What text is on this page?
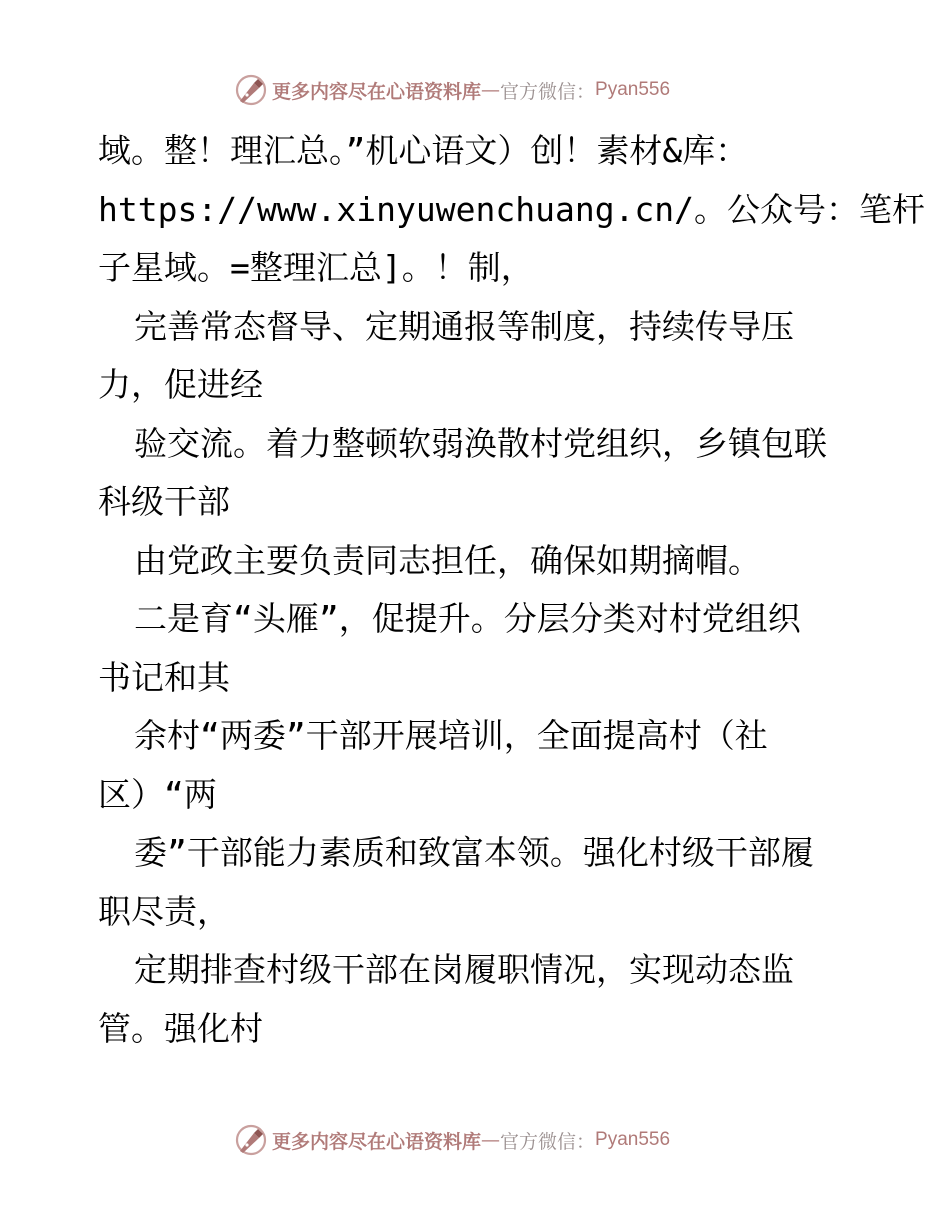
更多内容尽在心语资料库 — 官方微信： Pyan556
域。整！理汇总。”机心语文）创！素材&库：
https://www.xinyuwenchuang.cn/。公众号：笔杆
子星域。=整理汇总]。！制，
完善常态督导、定期通报等制度，持续传导压
力，促进经
验交流。着力整顿软弱涣散村党组织，乡镇包联
科级干部
由党政主要负责同志担任，确保如期摘帽。
二是育“头雁”，促提升。分层分类对村党组织
书记和其
余村“两委”干部开展培训，全面提高村（社
区）“两
委”干部能力素质和致富本领。强化村级干部履
职尽责，
定期排查村级干部在岗履职情况，实现动态监
管。强化村
更多内容尽在心语资料库 — 官方微信： Pyan556
